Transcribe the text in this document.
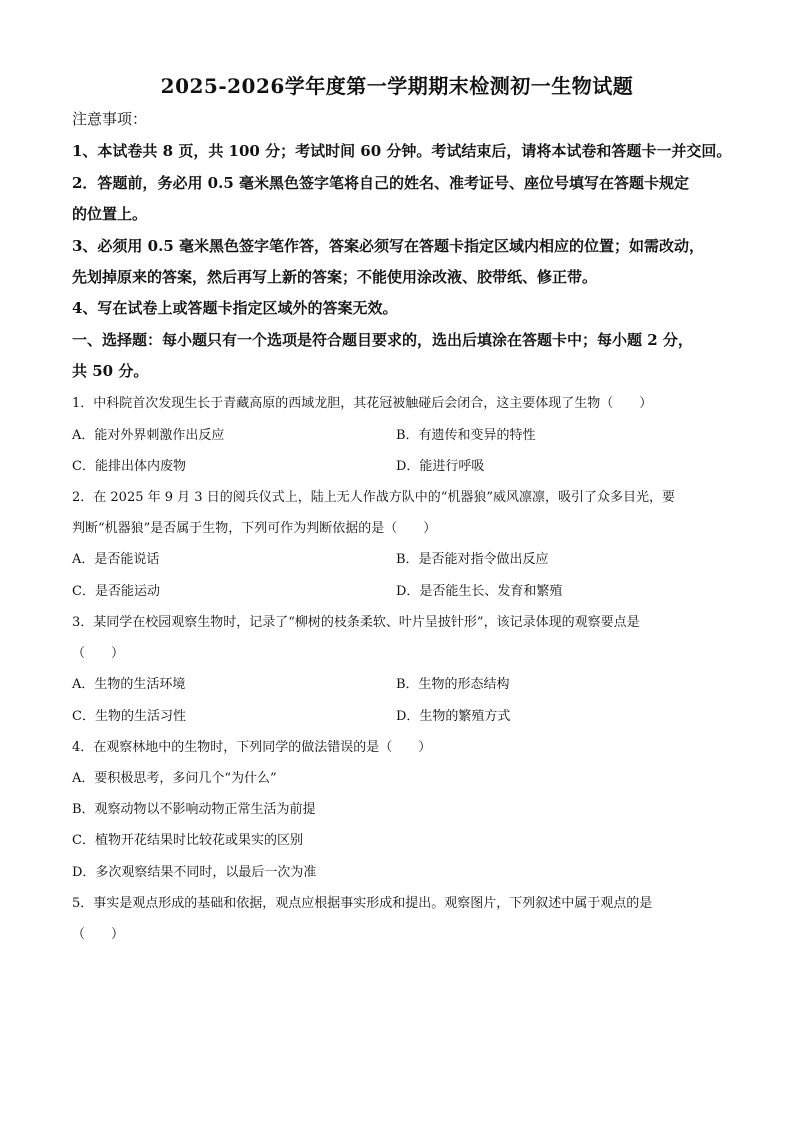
2025-2026学年度第一学期期末检测初一生物试题
注意事项：
1、本试卷共 8 页，共 100 分；考试时间 60 分钟。考试结束后，请将本试卷和答题卡一并交回。
2．答题前，务必用 0.5 毫米黑色签字笔将自己的姓名、准考证号、座位号填写在答题卡规定
的位置上。
3、必须用 0.5 毫米黑色签字笔作答，答案必须写在答题卡指定区域内相应的位置；如需改动，
先划掉原来的答案，然后再写上新的答案；不能使用涂改液、胶带纸、修正带。
4、写在试卷上或答题卡指定区域外的答案无效。
一、选择题：每小题只有一个选项是符合题目要求的，选出后填涂在答题卡中；每小题 2 分，
共 50 分。
1．中科院首次发现生长于青藏高原的西域龙胆，其花冠被触碰后会闭合，这主要体现了生物（　　）
A．能对外界刺激作出反应	B．有遗传和变异的特性
C．能排出体内废物	D．能进行呼吸
2．在 2025 年 9 月 3 日的阅兵仪式上，陆上无人作战方队中的“机器狼”威风凛凛，吸引了众多目光，要
判断“机器狼”是否属于生物，下列可作为判断依据的是（　　）
A．是否能说话	B．是否能对指令做出反应
C．是否能运动	D．是否能生长、发育和繁殖
3．某同学在校园观察生物时，记录了“柳树的枝条柔软、叶片呈披针形”，该记录体现的观察要点是
（　　）
A．生物的生活环境	B．生物的形态结构
C．生物的生活习性	D．生物的繁殖方式
4．在观察林地中的生物时，下列同学的做法错误的是（　　）
A．要积极思考，多问几个“为什么”
B．观察动物以不影响动物正常生活为前提
C．植物开花结果时比较花或果实的区别
D．多次观察结果不同时，以最后一次为准
5．事实是观点形成的基础和依据，观点应根据事实形成和提出。观察图片，下列叙述中属于观点的是
（　　）
